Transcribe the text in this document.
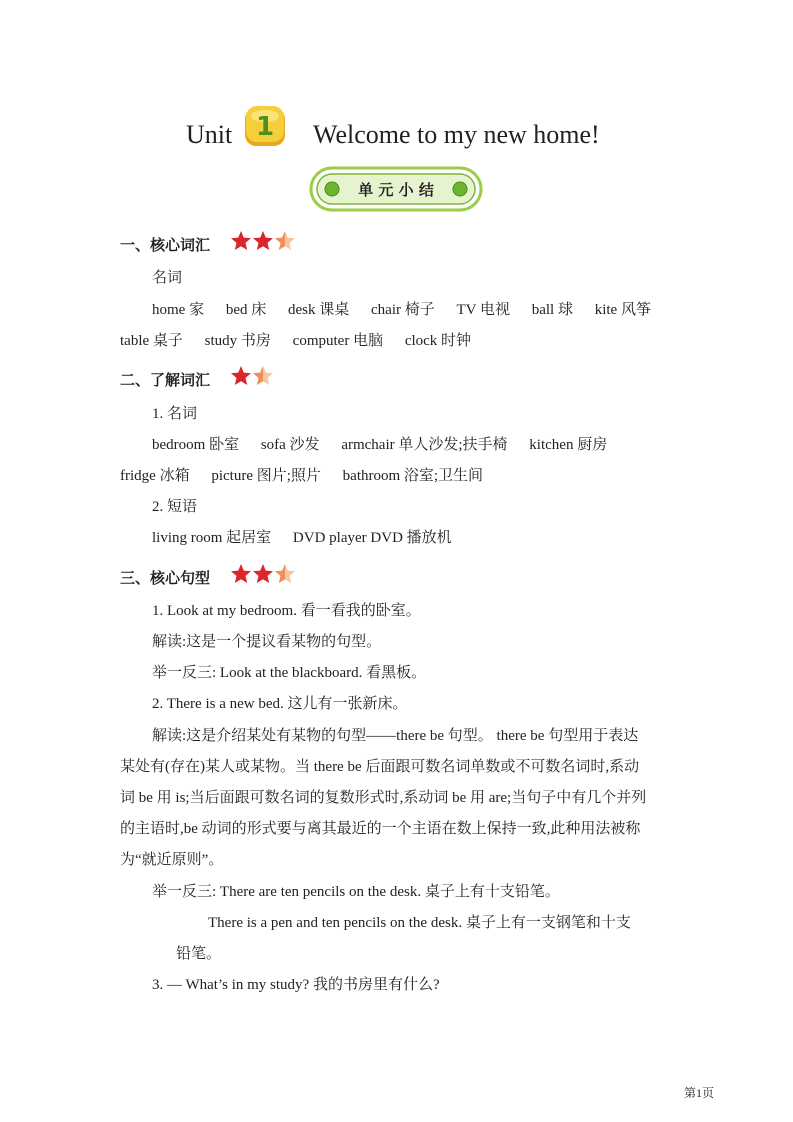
Unit 1 Welcome to my new home!
单 元 小 结
一、核心词汇
名词
home 家 bed 床 desk 课桌 chair 椅子 TV 电视 ball 球 kite 风筝
table 桌子 study 书房 computer 电脑 clock 时钟
二、了解词汇
1. 名词
bedroom 卧室 sofa 沙发 armchair 单人沙发;扶手椅 kitchen 厨房
fridge 冰箱 picture 图片;照片 bathroom 浴室;卫生间
2. 短语
living room 起居室 DVD player DVD 播放机
三、核心句型
1. Look at my bedroom. 看一看我的卧室。
解读:这是一个提议看某物的句型。
举一反三: Look at the blackboard. 看黑板。
2. There is a new bed. 这儿有一张新床。
解读:这是介绍某处有某物的句型——there be 句型。 there be 句型用于表达
某处有(存在)某人或某物。当 there be 后面跟可数名词单数或不可数名词时,系动
词 be 用 is;当后面跟可数名词的复数形式时,系动词 be 用 are;当句子中有几个并列
的主语时,be 动词的形式要与离其最近的一个主语在数上保持一致,此种用法被称
为“就近原则”。
举一反三: There are ten pencils on the desk. 桌子上有十支铅笔。
There is a pen and ten pencils on the desk. 桌子上有一支钢笔和十支
铅笔。
3. — What’s in my study? 我的书房里有什么?
第1页
